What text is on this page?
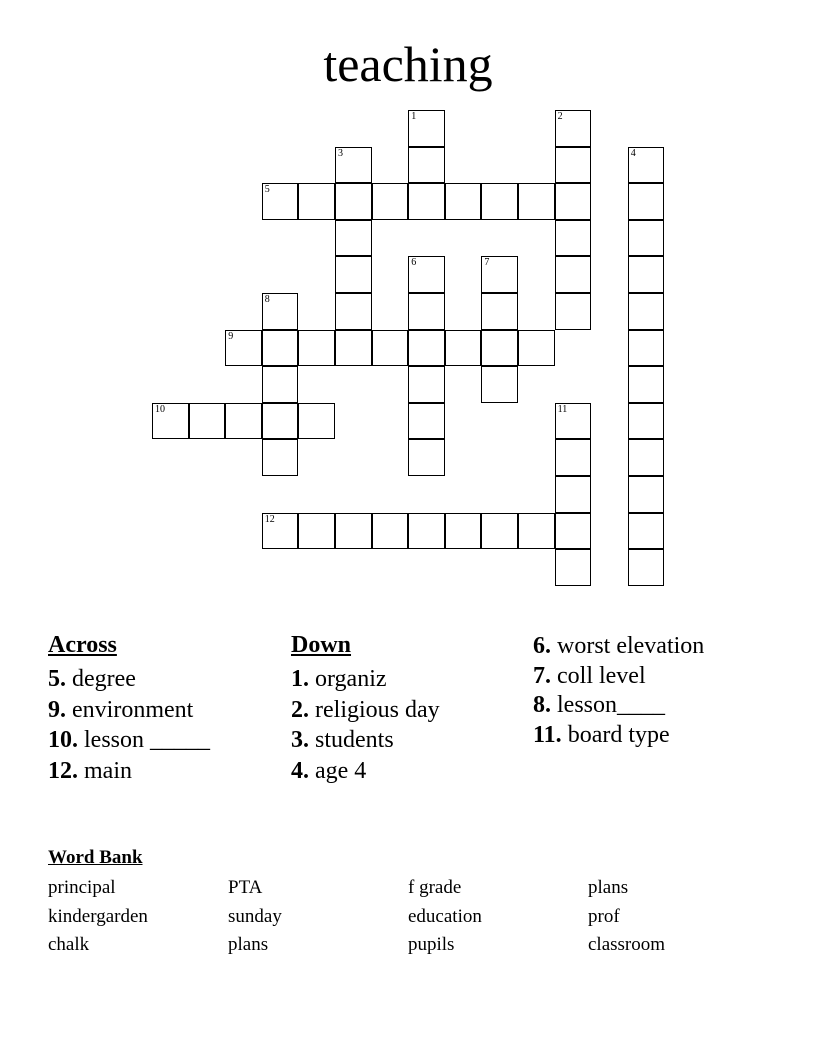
teaching
1	2
3	4
5
6	7
8
9
10	11
12
Across
5. degree
9. environment
10. lesson _____
12. main
Down
1. organiz
2. religious day
3. students
4. age 4
6. worst elevation
7. coll level
8. lesson____
11. board type
Word Bank
principal	PTA	f grade	plans
kindergarden	sunday	education	prof
chalk	plans	pupils	classroom
